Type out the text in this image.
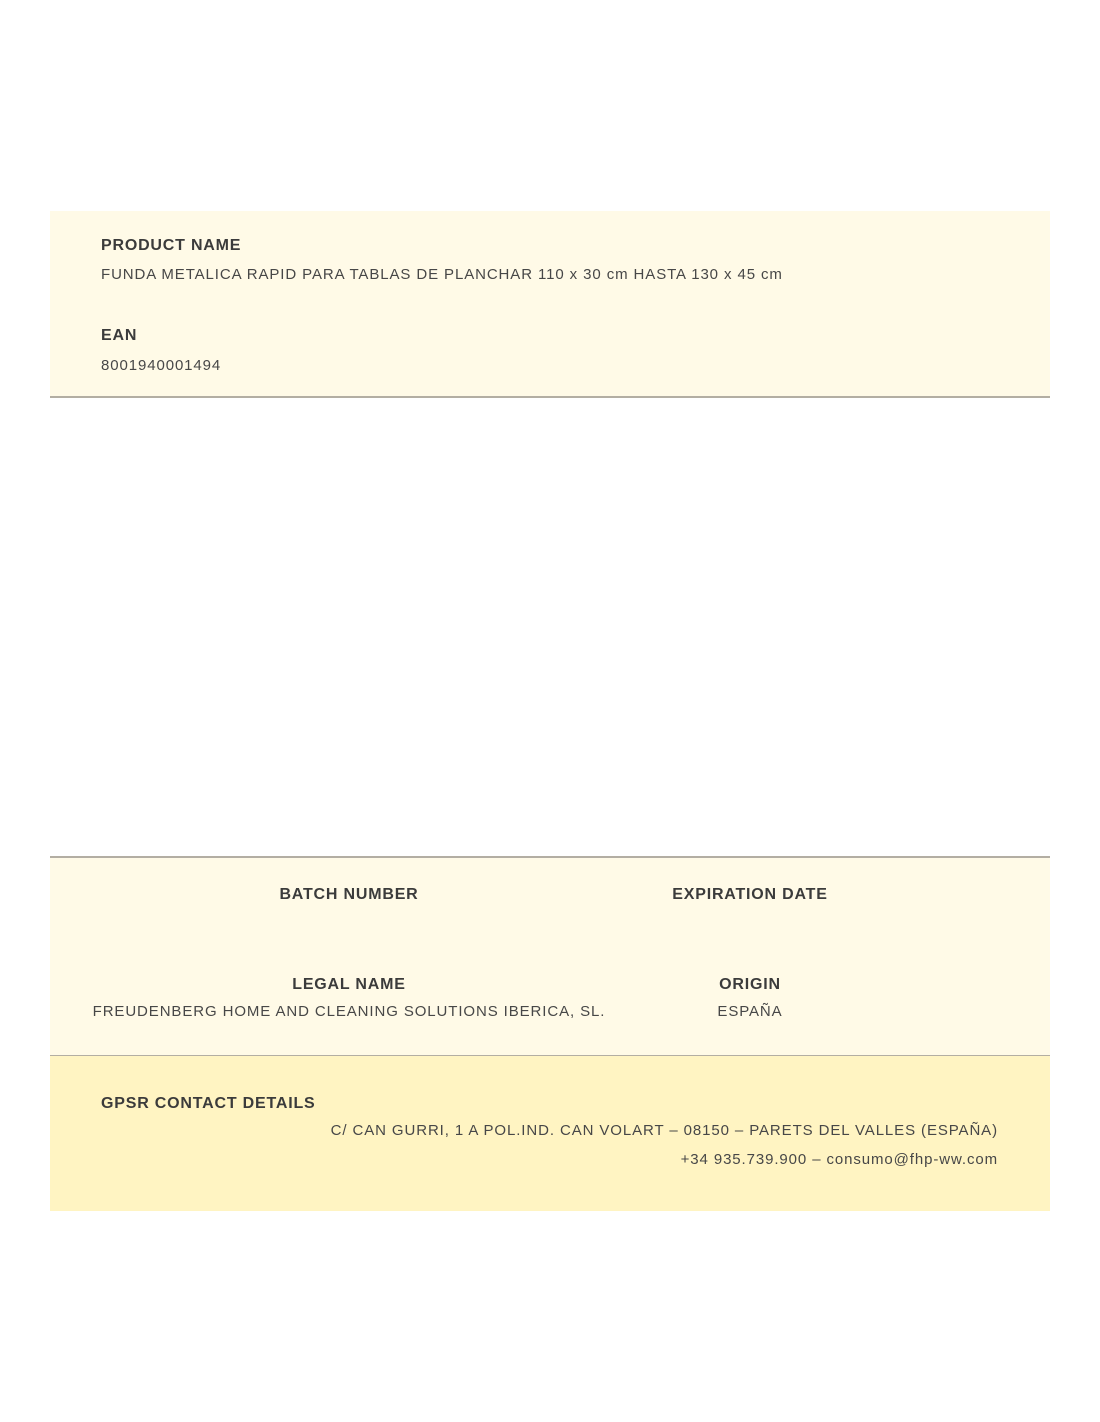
PRODUCT NAME
FUNDA METALICA RAPID PARA TABLAS DE PLANCHAR 110 x 30 cm HASTA 130 x 45 cm
EAN
8001940001494
BATCH NUMBER	EXPIRATION DATE
LEGAL NAME
FREUDENBERG HOME AND CLEANING SOLUTIONS IBERICA, SL.
ORIGIN
ESPAÑA
GPSR CONTACT DETAILS
C/ CAN GURRI, 1 A POL.IND. CAN VOLART – 08150 – PARETS DEL VALLES (ESPAÑA)
+34 935.739.900 – consumo@fhp-ww.com
